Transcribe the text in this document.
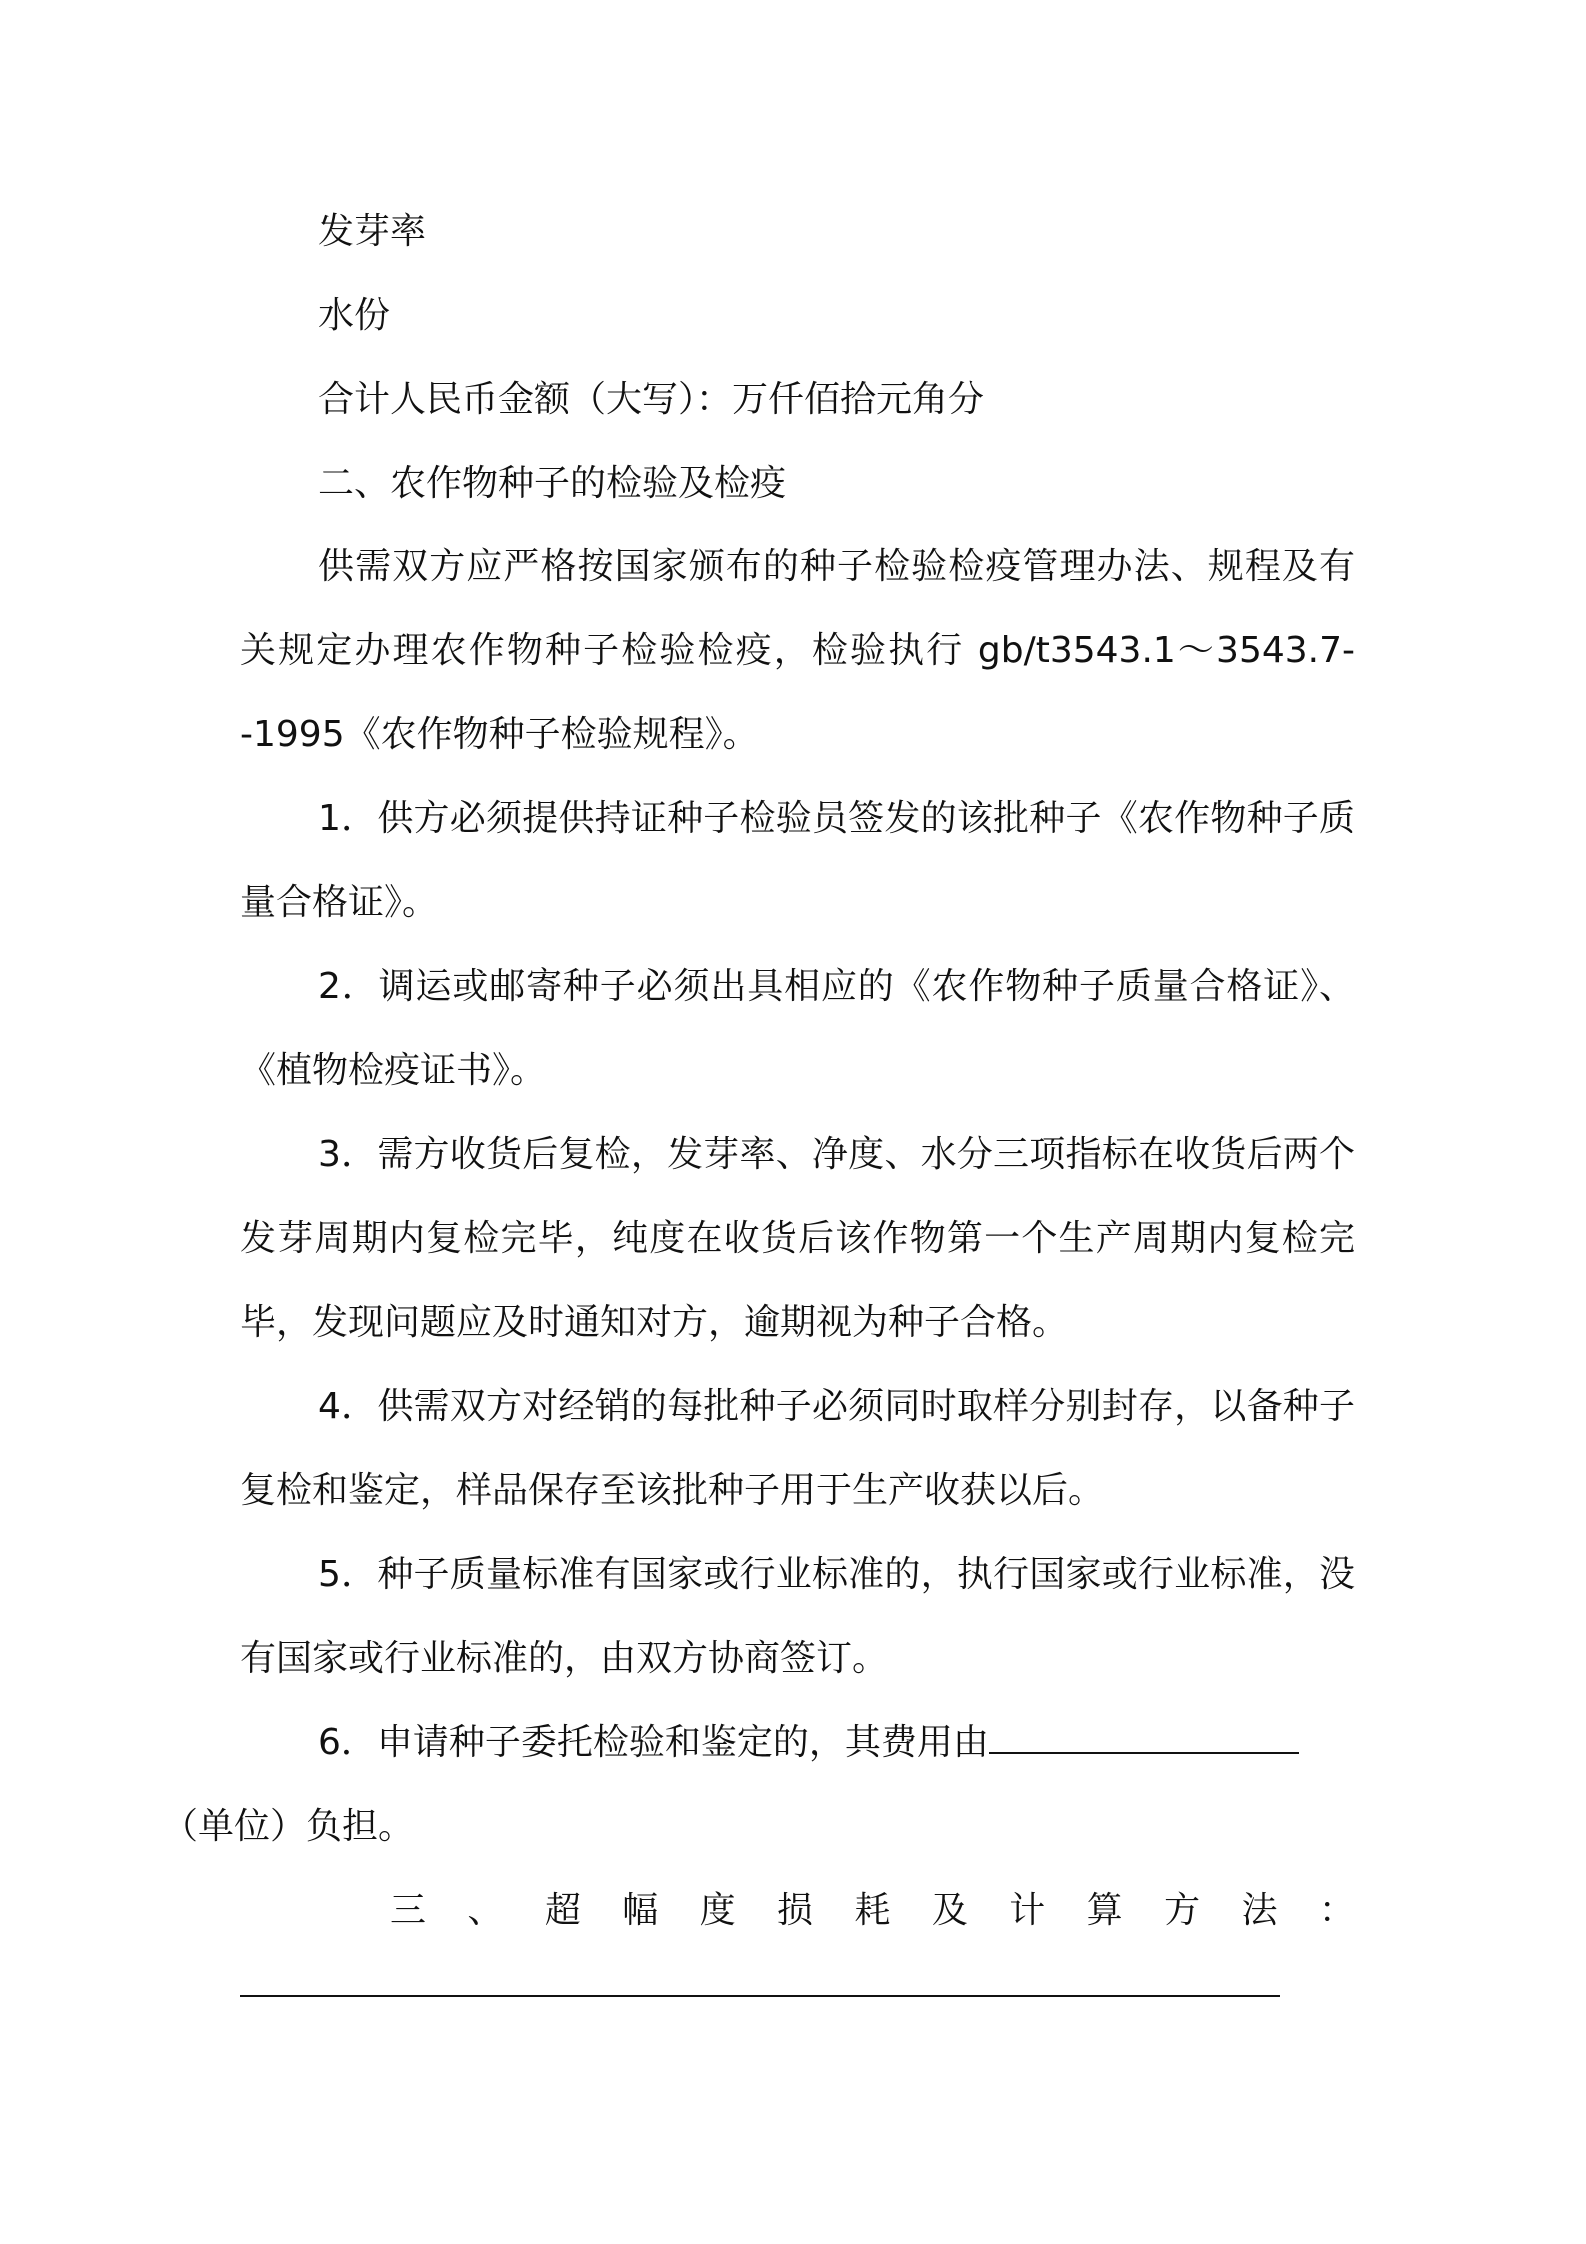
发芽率

水份

合计人民币金额（大写）：万仟佰拾元角分

二、农作物种子的检验及检疫

供需双方应严格按国家颁布的种子检验检疫管理办法、规程及有关规定办理农作物种子检验检疫，检验执行 gb/t3543.1～3543.7--1995《农作物种子检验规程》。

1．供方必须提供持证种子检验员签发的该批种子《农作物种子质量合格证》。

2．调运或邮寄种子必须出具相应的《农作物种子质量合格证》、《植物检疫证书》。

3．需方收货后复检，发芽率、净度、水分三项指标在收货后两个发芽周期内复检完毕，纯度在收货后该作物第一个生产周期内复检完毕，发现问题应及时通知对方，逾期视为种子合格。

4．供需双方对经销的每批种子必须同时取样分别封存，以备种子复检和鉴定，样品保存至该批种子用于生产收获以后。

5．种子质量标准有国家或行业标准的，执行国家或行业标准，没有国家或行业标准的，由双方协商签订。

6．申请种子委托检验和鉴定的，其费用由
（单位）负担。

三 、 超 幅 度 损 耗 及 计 算 方 法 ：
